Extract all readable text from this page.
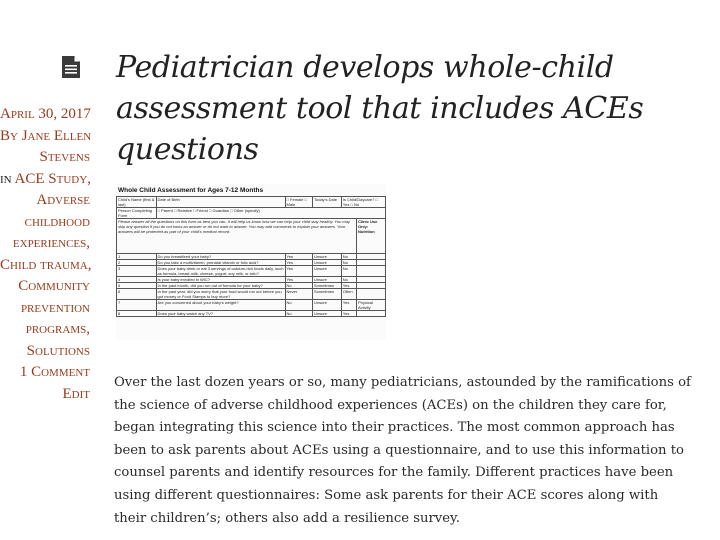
April 30, 2017
By Jane Ellen
Stevens
in ACE Study,
Adverse
childhood
experiences,
Child trauma,
Community
prevention
programs,
Solutions
1 Comment
Edit
Pediatrician develops whole-child assessment tool that includes ACEs questions
Whole Child Assessment for Ages 7-12 Months
Child’s Name (first & last)	Date of Birth	□ Female □ Male	Today’s Date	Is Child/Daycare? □ Yes □ No	
Person Completing Form	□ Parent □ Relative □ Friend □ Guardian □ Other (specify)				
Please answer all the questions on this form as best you can. It will help us know how we can help your child stay healthy. You may skip any question if you do not know an answer or do not want to answer. You may add comments to explain your answers. Your answers will be protected as part of your child’s medical record.					Clinic Use Only: Nutrition
1	Do you breastfeed your baby?	Yes	Unsure	No	
2	Do you take a multivitamin, prenatal vitamin or folic acid?	Yes	Unsure	No	
3	Does your baby drink or eat 3 servings of calcium-rich foods daily, such as formula, breast milk, cheese, yogurt, soy milk, or tofu?	Yes	Unsure	No	
4	Is your baby enrolled in WIC?	Yes	Unsure	No	
5	In the past month, did you run out of formula for your baby?	No	Sometimes	Yes	
6	In the past year, did you worry that your food would run out before you got money or Food Stamps to buy more?	Never	Sometimes	Often	
7	Are you concerned about your baby’s weight?	No	Unsure	Yes	Physical Activity
8	Does your baby watch any TV?	No	Unsure	Yes	

Over the last dozen years or so, many pediatricians, astounded by the ramifications of the science of adverse childhood experiences (ACEs) on the children they care for, began integrating this science into their practices. The most common approach has been to ask parents about ACEs using a questionnaire, and to use this information to counsel parents and identify resources for the family. Different practices have been using different questionnaires: Some ask parents for their ACE scores along with their children’s; others also add a resilience survey.
